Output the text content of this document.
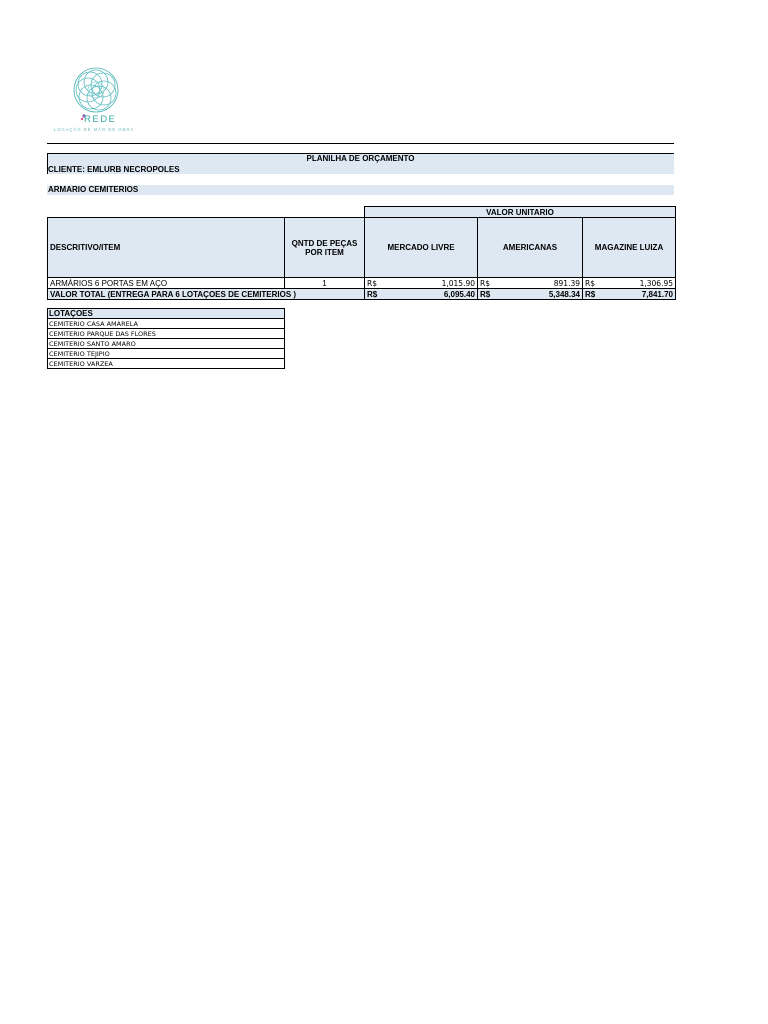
REDE
LOCAÇÃO DE MÃO DE OBRA
PLANILHA DE ORÇAMENTO
CLIENTE: EMLURB NECROPOLES
ARMARIO CEMITERIOS
		VALOR UNITARIO		
DESCRITIVO/ITEM	QNTD DE PEÇAS POR ITEM	MERCADO LIVRE	AMERICANAS	MAGAZINE LUIZA
ARMÁRIOS 6 PORTAS EM AÇO	1	R$ 1,015.90	R$ 891.39	R$ 1,306.95

VALOR TOTAL (ENTREGA PARA 6 LOTAÇOES DE CEMITERIOS )		R$ 6,095.40	R$ 5,348.34	R$ 7,841.70
LOTAÇOES
CEMITERIO CASA AMARELA
CEMITERIO PARQUE DAS FLORES
CEMITERIO SANTO AMARO
CEMITERIO TEJIPIO
CEMITERIO VARZEA
